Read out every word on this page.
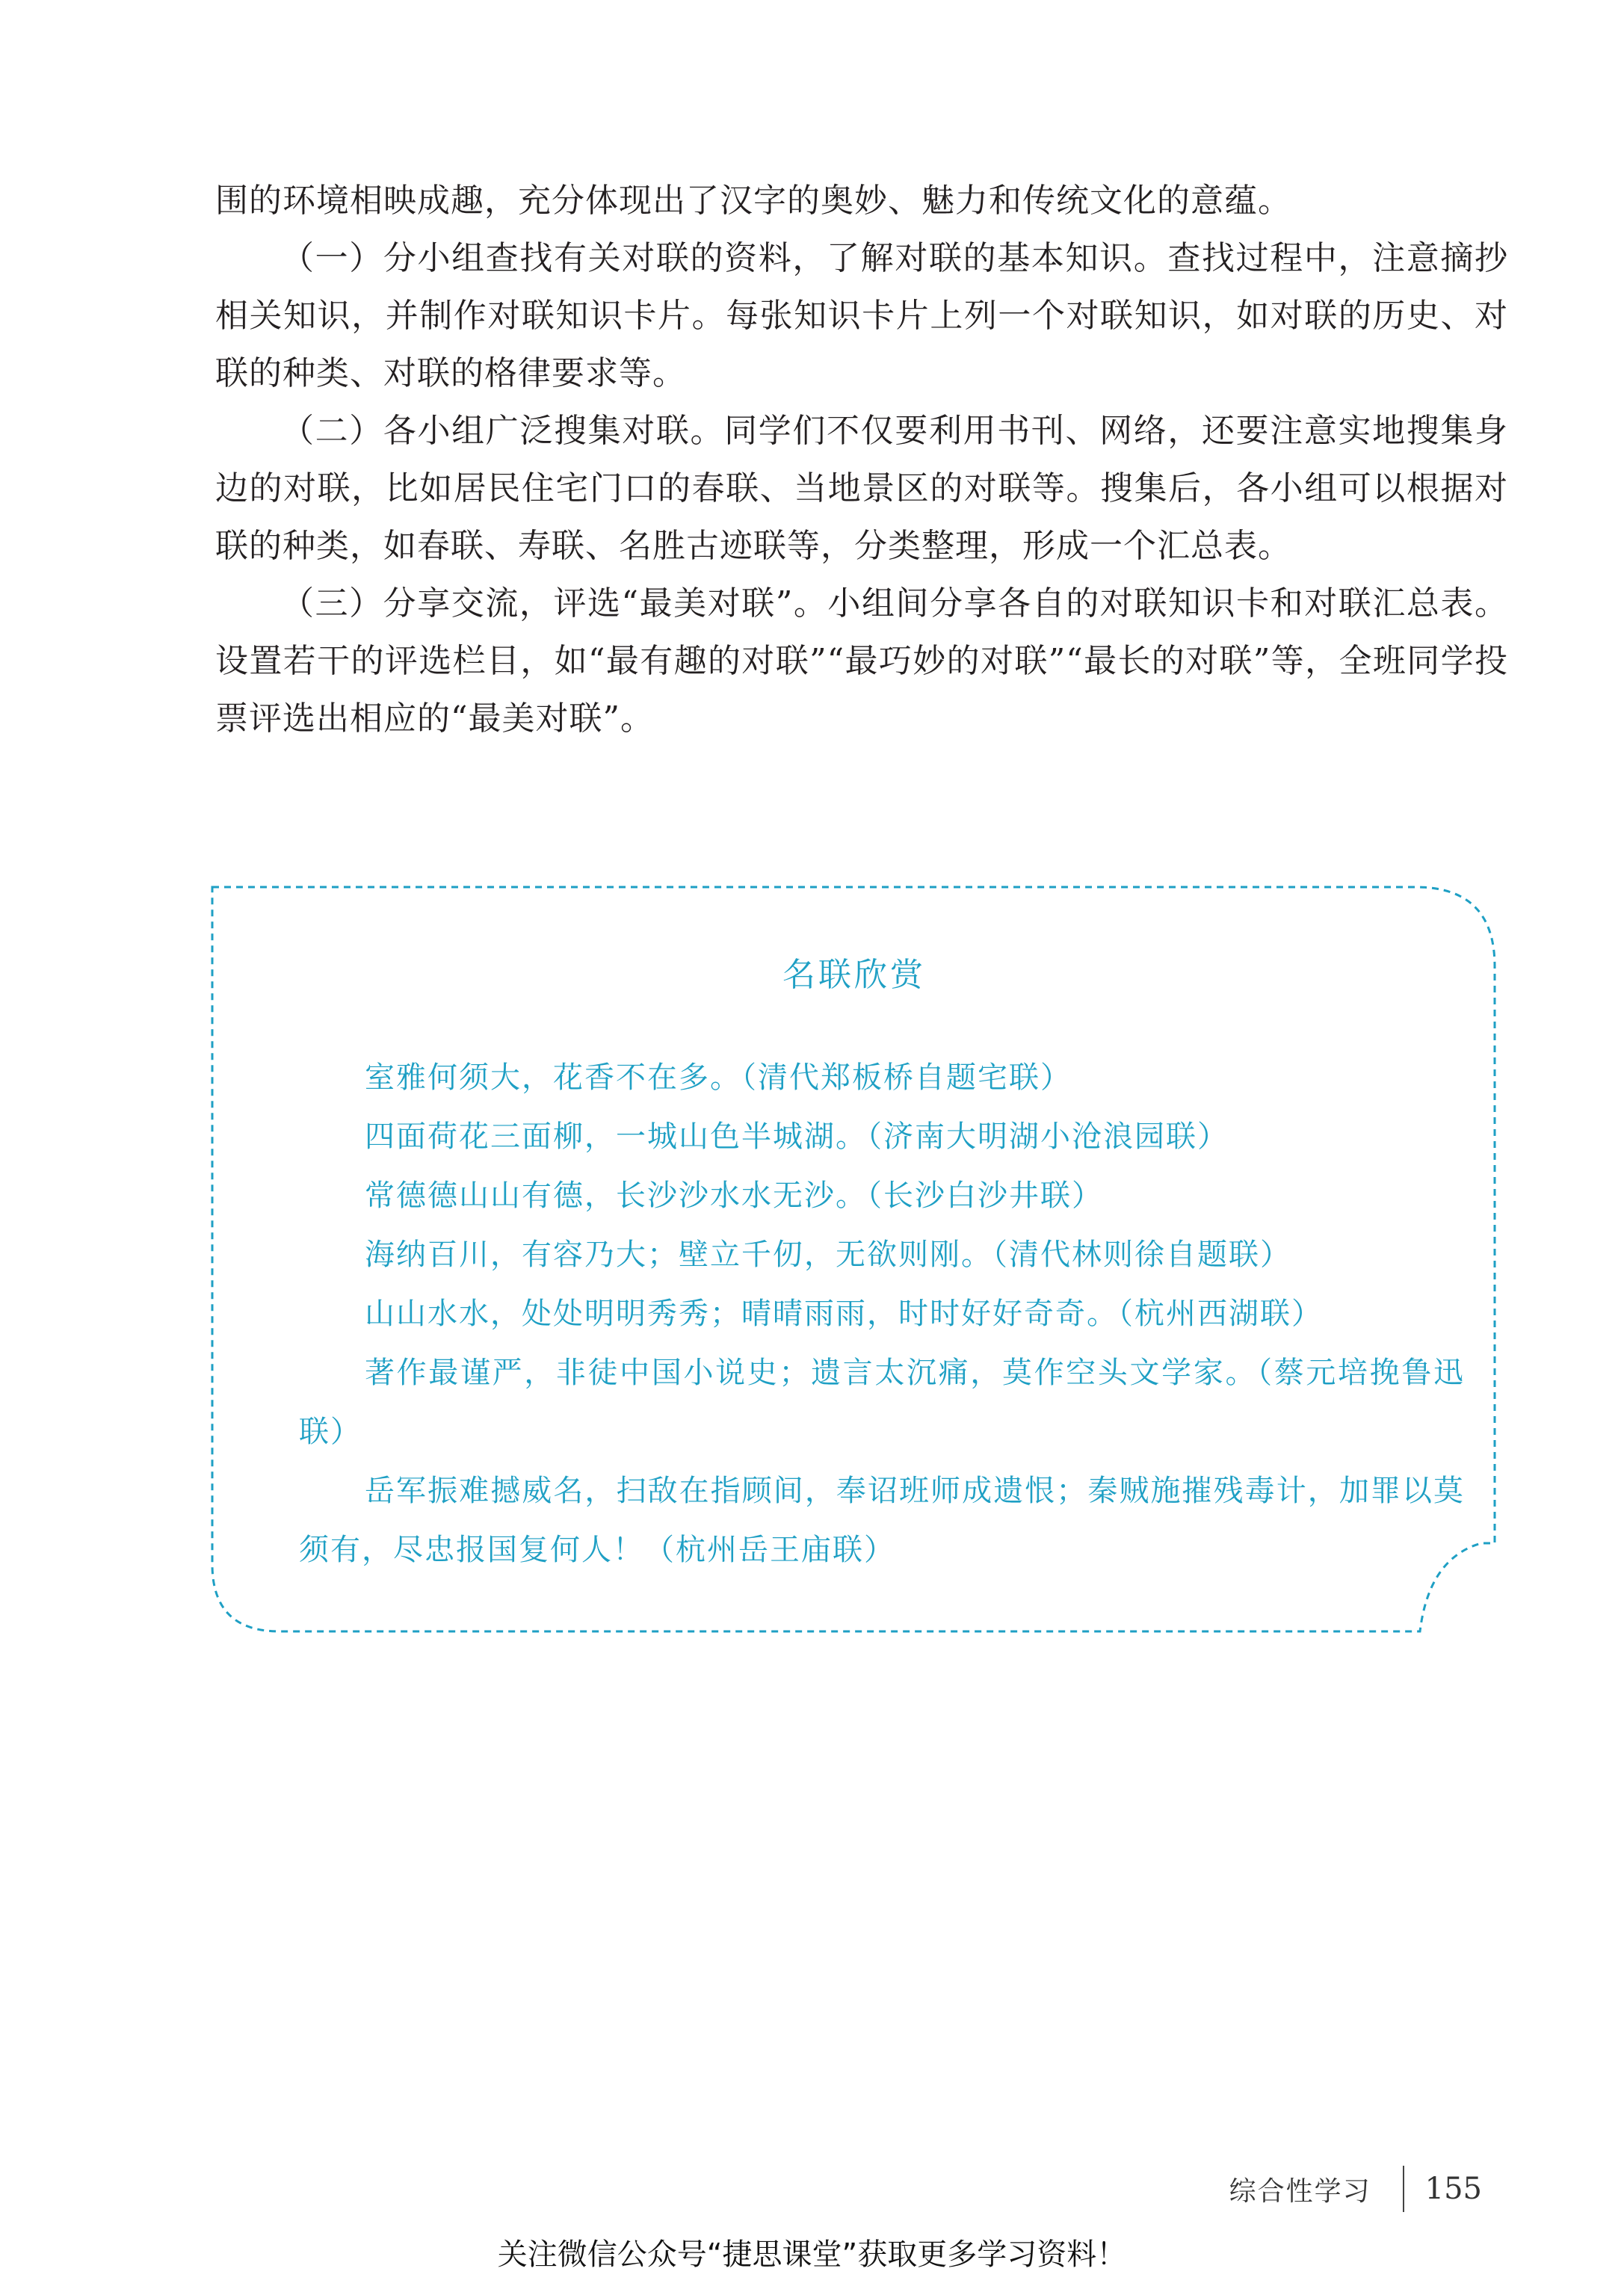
围的环境相映成趣，充分体现出了汉字的奥妙、魅力和传统文化的意蕴。

（一）分小组查找有关对联的资料，了解对联的基本知识。查找过程中，注意摘抄相关知识，并制作对联知识卡片。每张知识卡片上列一个对联知识，如对联的历史、对联的种类、对联的格律要求等。

（二）各小组广泛搜集对联。同学们不仅要利用书刊、网络，还要注意实地搜集身边的对联，比如居民住宅门口的春联、当地景区的对联等。搜集后，各小组可以根据对联的种类，如春联、寿联、名胜古迹联等，分类整理，形成一个汇总表。

（三）分享交流，评选“最美对联”。小组间分享各自的对联知识卡和对联汇总表。设置若干的评选栏目，如“最有趣的对联”“最巧妙的对联”“最长的对联”等，全班同学投票评选出相应的“最美对联”。

名联欣赏

室雅何须大，花香不在多。（清代郑板桥自题宅联）

四面荷花三面柳，一城山色半城湖。（济南大明湖小沧浪园联）

常德德山山有德，长沙沙水水无沙。（长沙白沙井联）

海纳百川，有容乃大；壁立千仞，无欲则刚。（清代林则徐自题联）

山山水水，处处明明秀秀；晴晴雨雨，时时好好奇奇。（杭州西湖联）

著作最谨严，非徒中国小说史；遗言太沉痛，莫作空头文学家。（蔡元培挽鲁迅联）

岳军振难撼威名，扫敌在指顾间，奉诏班师成遗恨；秦贼施摧残毒计，加罪以莫须有，尽忠报国复何人！（杭州岳王庙联）

综合性学习 155
关注微信公众号“捷思课堂”获取更多学习资料！
